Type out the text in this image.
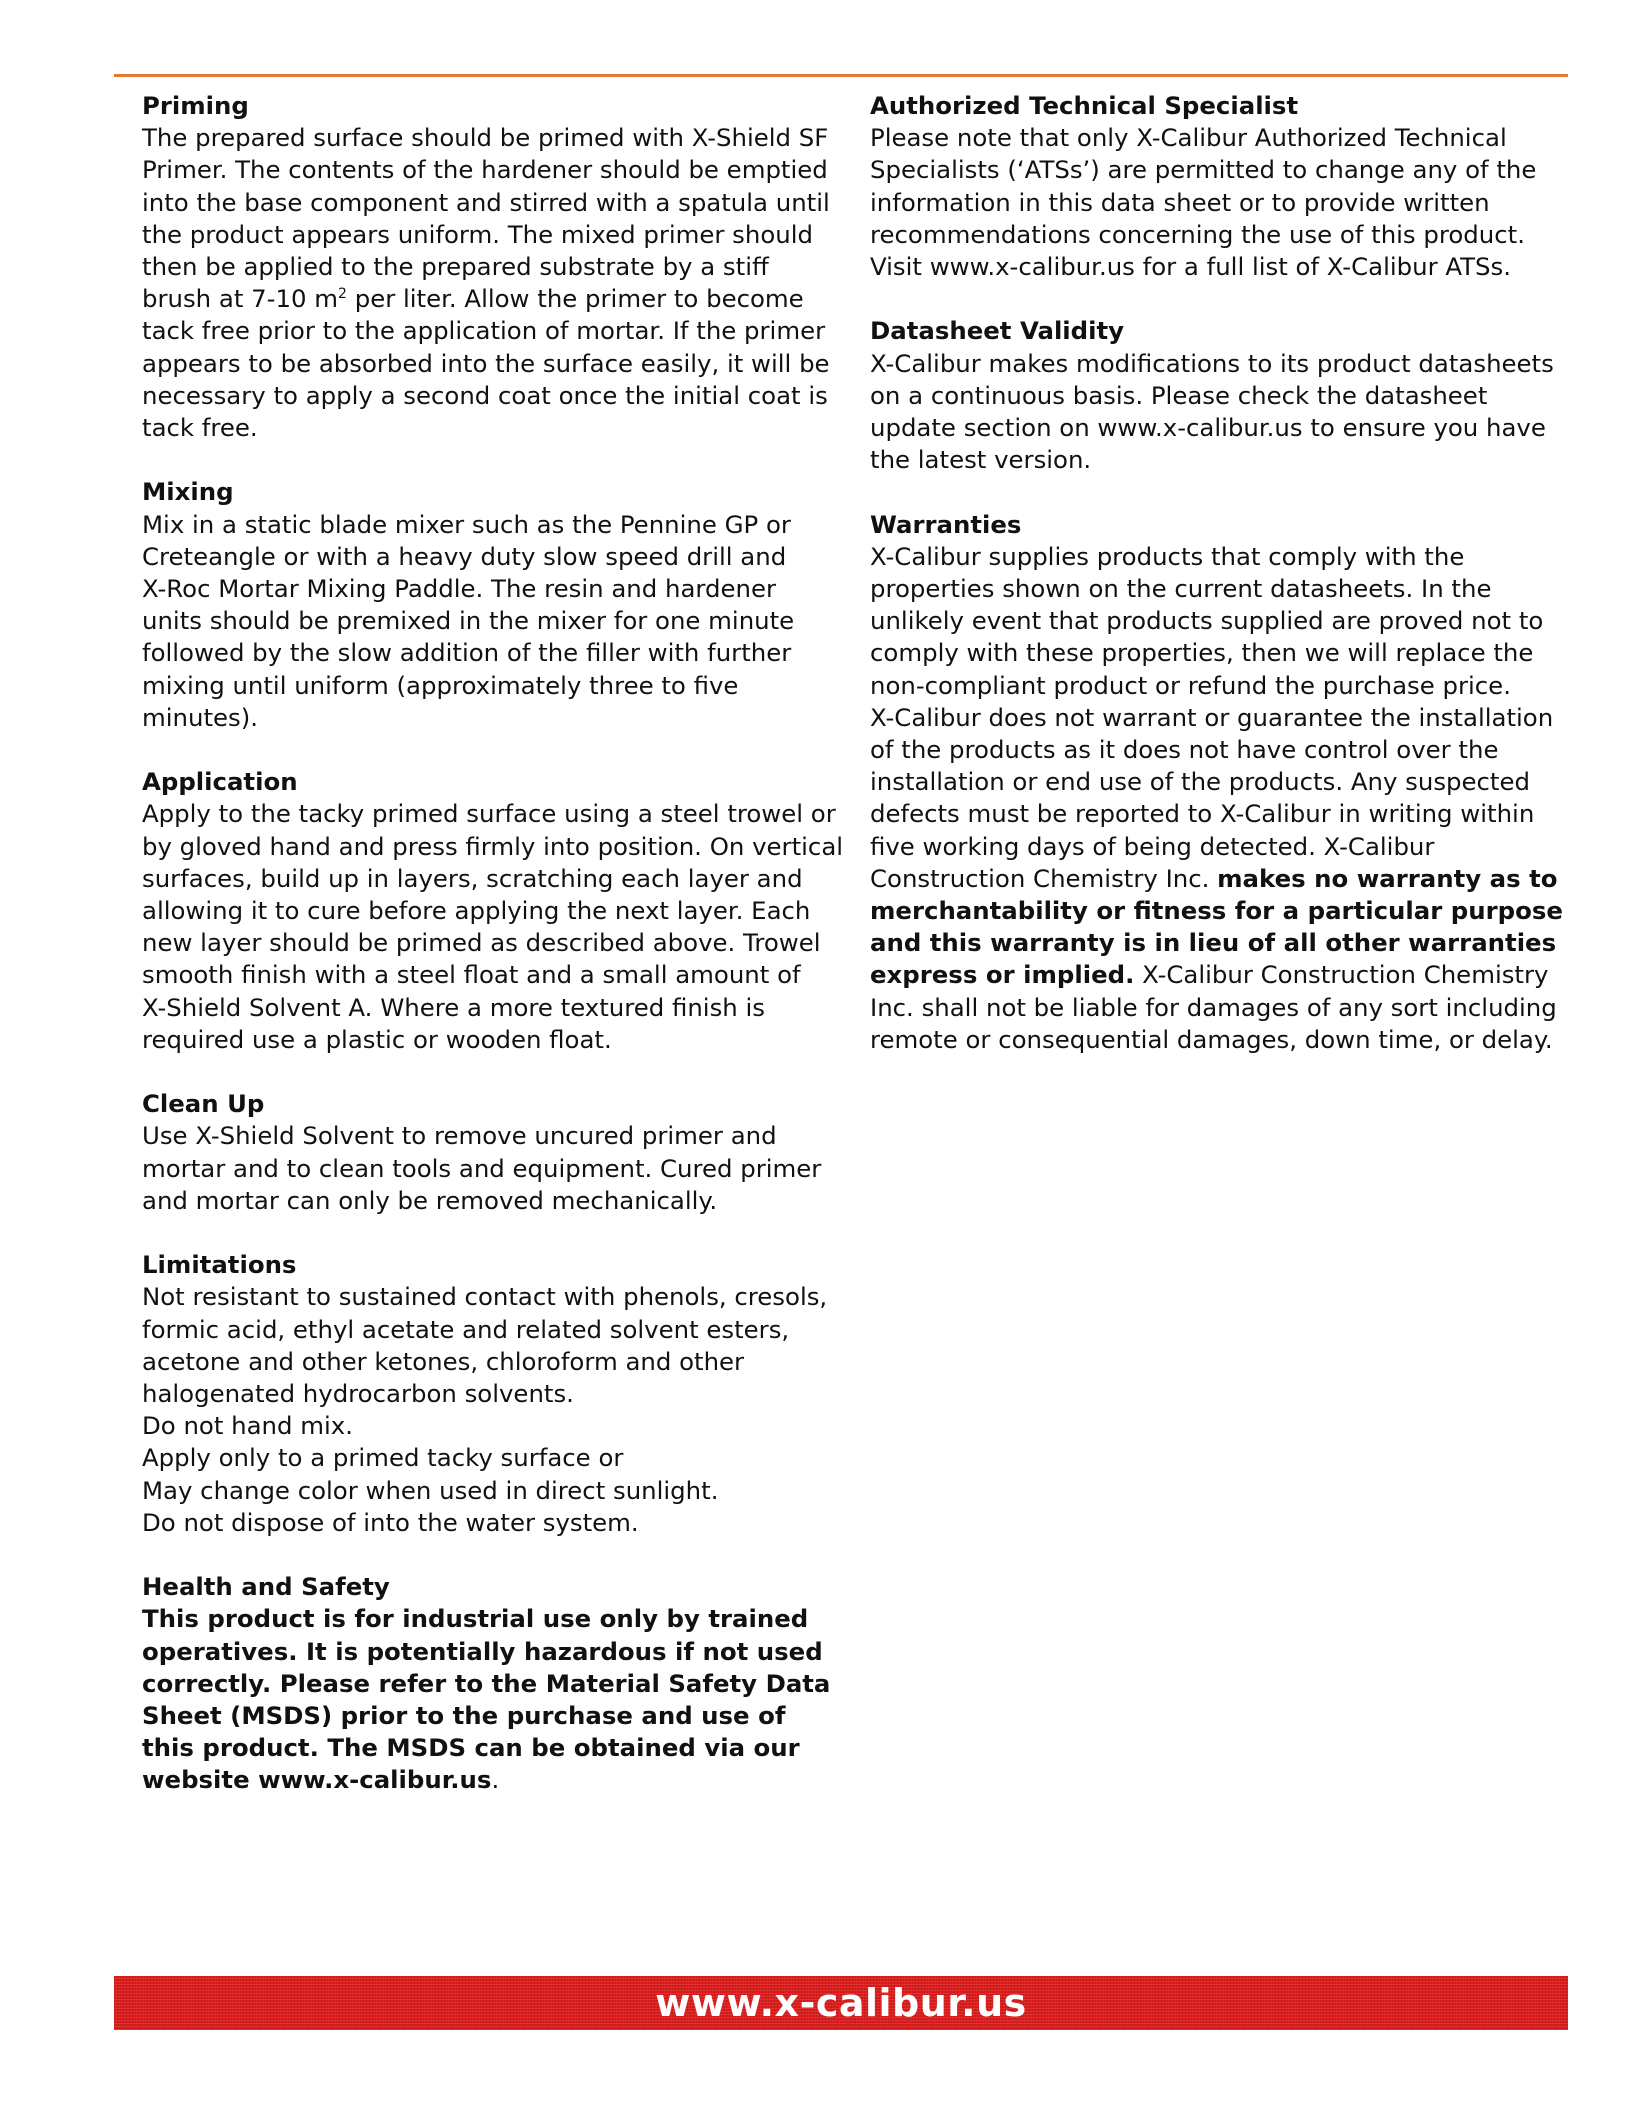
Priming
The prepared surface should be primed with X-Shield SF
Primer. The contents of the hardener should be emptied
into the base component and stirred with a spatula until
the product appears uniform. The mixed primer should
then be applied to the prepared substrate by a stiff
brush at 7-10 $m^2$ per liter. Allow the primer to become
tack free prior to the application of mortar. If the primer
appears to be absorbed into the surface easily, it will be
necessary to apply a second coat once the initial coat is
tack free.
Mixing
Mix in a static blade mixer such as the Pennine GP or
Creteangle or with a heavy duty slow speed drill and
X-Roc Mortar Mixing Paddle. The resin and hardener
units should be premixed in the mixer for one minute
followed by the slow addition of the filler with further
mixing until uniform (approximately three to five
minutes).
Application
Apply to the tacky primed surface using a steel trowel or
by gloved hand and press firmly into position. On vertical
surfaces, build up in layers, scratching each layer and
allowing it to cure before applying the next layer. Each
new layer should be primed as described above. Trowel
smooth finish with a steel float and a small amount of
X-Shield Solvent A. Where a more textured finish is
required use a plastic or wooden float.
Clean Up
Use X-Shield Solvent to remove uncured primer and
mortar and to clean tools and equipment. Cured primer
and mortar can only be removed mechanically.
Limitations
Not resistant to sustained contact with phenols, cresols,
formic acid, ethyl acetate and related solvent esters,
acetone and other ketones, chloroform and other
halogenated hydrocarbon solvents.
Do not hand mix.
Apply only to a primed tacky surface or
May change color when used in direct sunlight.
Do not dispose of into the water system.
Health and Safety
This product is for industrial use only by trained
operatives. It is potentially hazardous if not used
correctly. Please refer to the Material Safety Data
Sheet (MSDS) prior to the purchase and use of
this product. The MSDS can be obtained via our
website www.x-calibur.us.
Authorized Technical Specialist
Please note that only X-Calibur Authorized Technical
Specialists (‘ATSs’) are permitted to change any of the
information in this data sheet or to provide written
recommendations concerning the use of this product.
Visit www.x-calibur.us for a full list of X-Calibur ATSs.
Datasheet Validity
X-Calibur makes modifications to its product datasheets
on a continuous basis. Please check the datasheet
update section on www.x-calibur.us to ensure you have
the latest version.
Warranties
X-Calibur supplies products that comply with the
properties shown on the current datasheets. In the
unlikely event that products supplied are proved not to
comply with these properties, then we will replace the
non-compliant product or refund the purchase price.
X-Calibur does not warrant or guarantee the installation
of the products as it does not have control over the
installation or end use of the products. Any suspected
defects must be reported to X-Calibur in writing within
five working days of being detected. X-Calibur
Construction Chemistry Inc. makes no warranty as to
merchantability or fitness for a particular purpose
and this warranty is in lieu of all other warranties
express or implied. X-Calibur Construction Chemistry
Inc. shall not be liable for damages of any sort including
remote or consequential damages, down time, or delay.
www.x-calibur.us
